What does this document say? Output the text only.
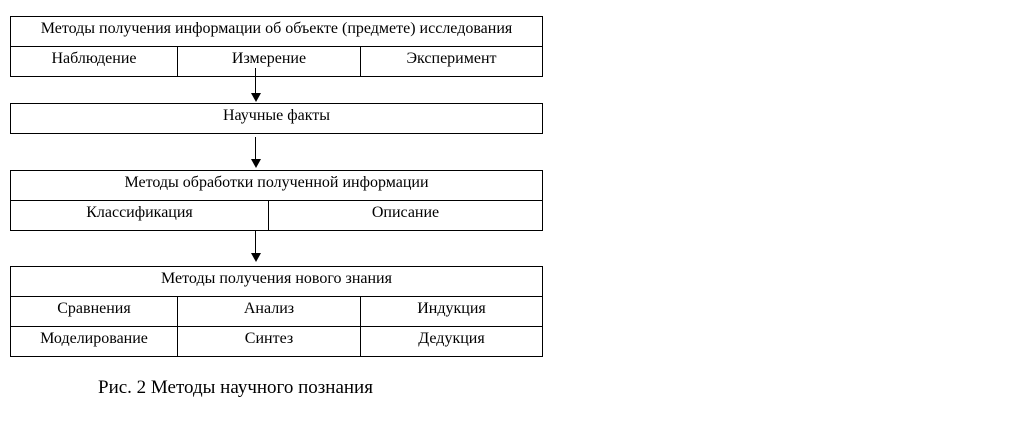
Методы получения информации об объекте (предмете) исследования
Наблюдение	Измерение	Эксперимент
Научные факты
Методы обработки полученной информации
Классификация	Описание
Методы получения нового знания
Сравнения	Анализ	Индукция
Моделирование	Синтез	Дедукция
Рис. 2 Методы научного познания
